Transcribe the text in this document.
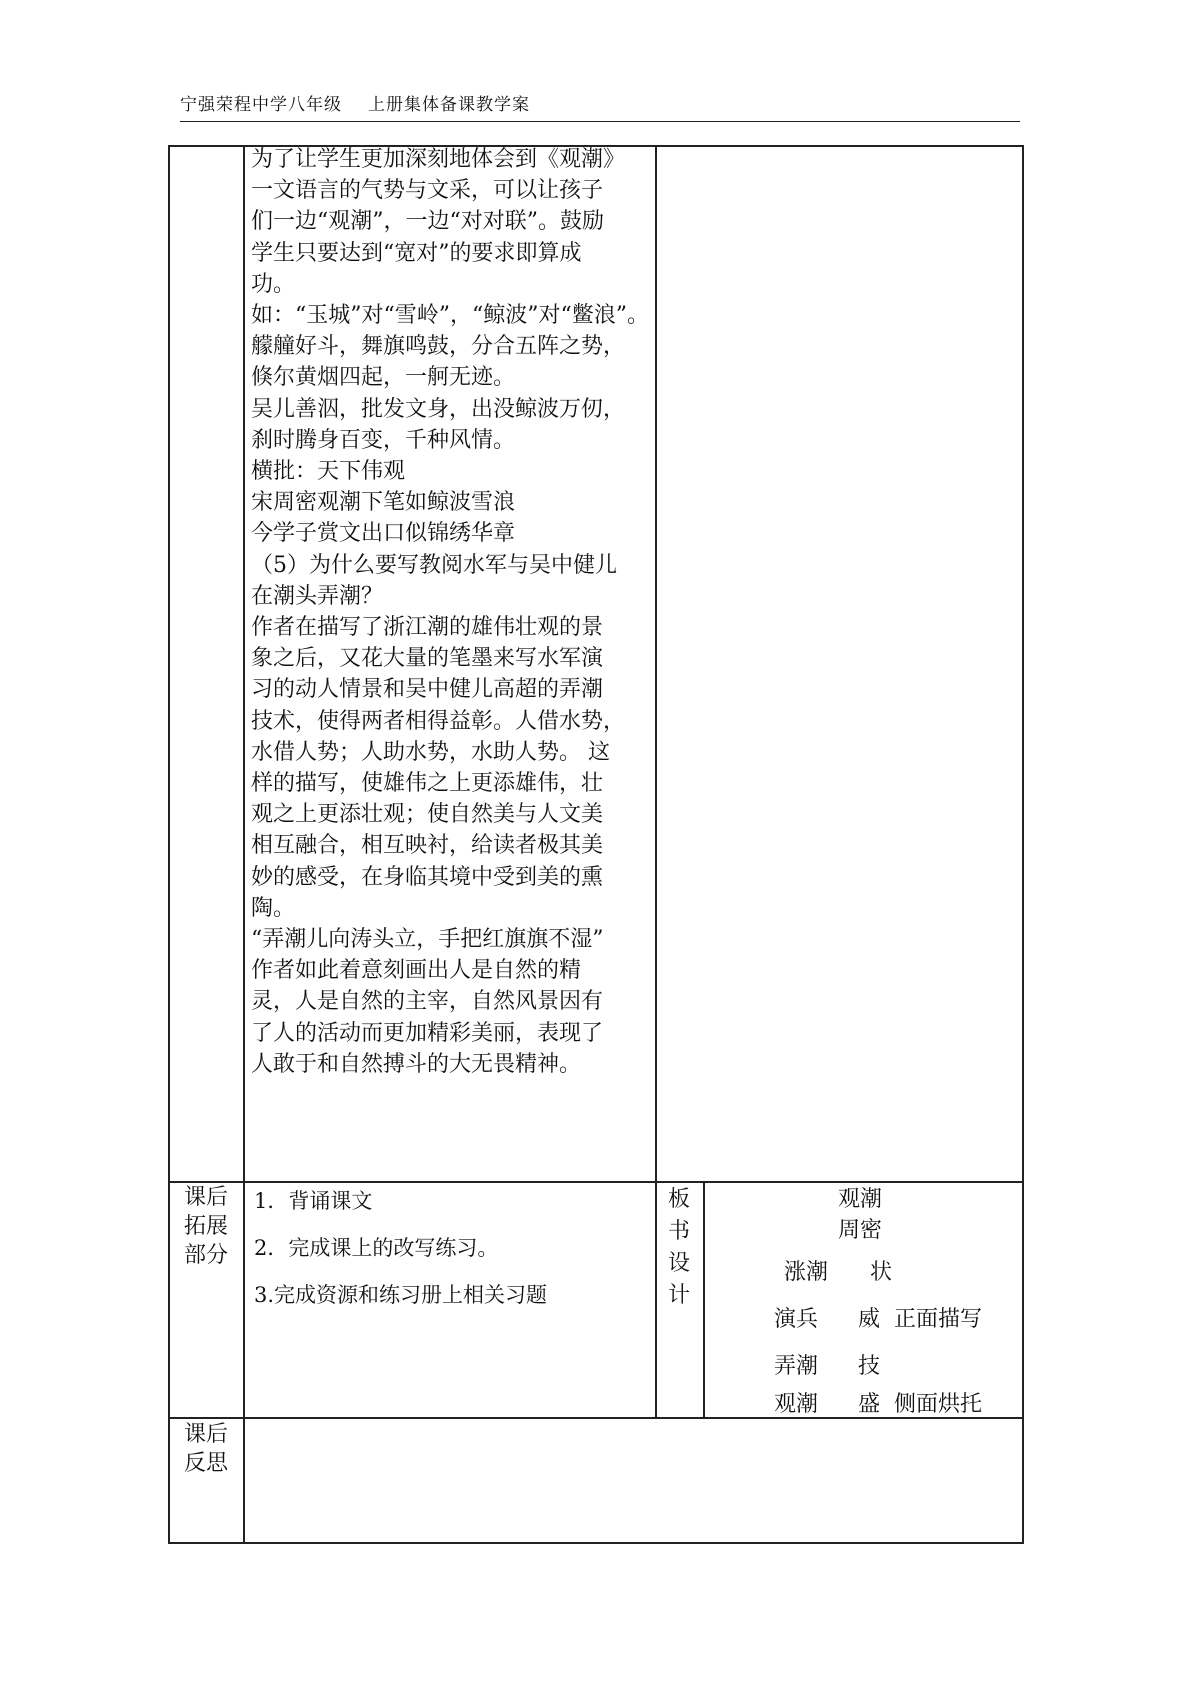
宁强荣程中学八年级 上册集体备课教学案
为了让学生更加深刻地体会到《观潮》
一文语言的气势与文采，可以让孩子
们一边“观潮”，一边“对对联”。鼓励
学生只要达到“宽对”的要求即算成
功。
如：“玉城”对“雪岭”，“鲸波”对“鳖浪”。
艨艟好斗，舞旗鸣鼓，分合五阵之势，
倏尔黄烟四起，一舸无迹。
吴儿善泅，批发文身，出没鲸波万仞，
刹时腾身百变，千种风情。
横批：天下伟观
宋周密观潮下笔如鲸波雪浪
今学子赏文出口似锦绣华章
（5）为什么要写教阅水军与吴中健儿
在潮头弄潮？
作者在描写了浙江潮的雄伟壮观的景
象之后，又花大量的笔墨来写水军演
习的动人情景和吴中健儿高超的弄潮
技术，使得两者相得益彰。人借水势，
水借人势；人助水势，水助人势。 这
样的描写，使雄伟之上更添雄伟，壮
观之上更添壮观；使自然美与人文美
相互融合，相互映衬，给读者极其美
妙的感受，在身临其境中受到美的熏
陶。
“弄潮儿向涛头立，手把红旗旗不湿”
作者如此着意刻画出人是自然的精
灵，人是自然的主宰，自然风景因有
了人的活动而更加精彩美丽，表现了
人敢于和自然搏斗的大无畏精神。
课后
拓展
部分
1．背诵课文
2．完成课上的改写练习。
3.完成资源和练习册上相关习题
板
书
设
计
观潮
周密
涨潮 状
演兵 威 正面描写
弄潮 技
观潮 盛 侧面烘托
课后
反思
